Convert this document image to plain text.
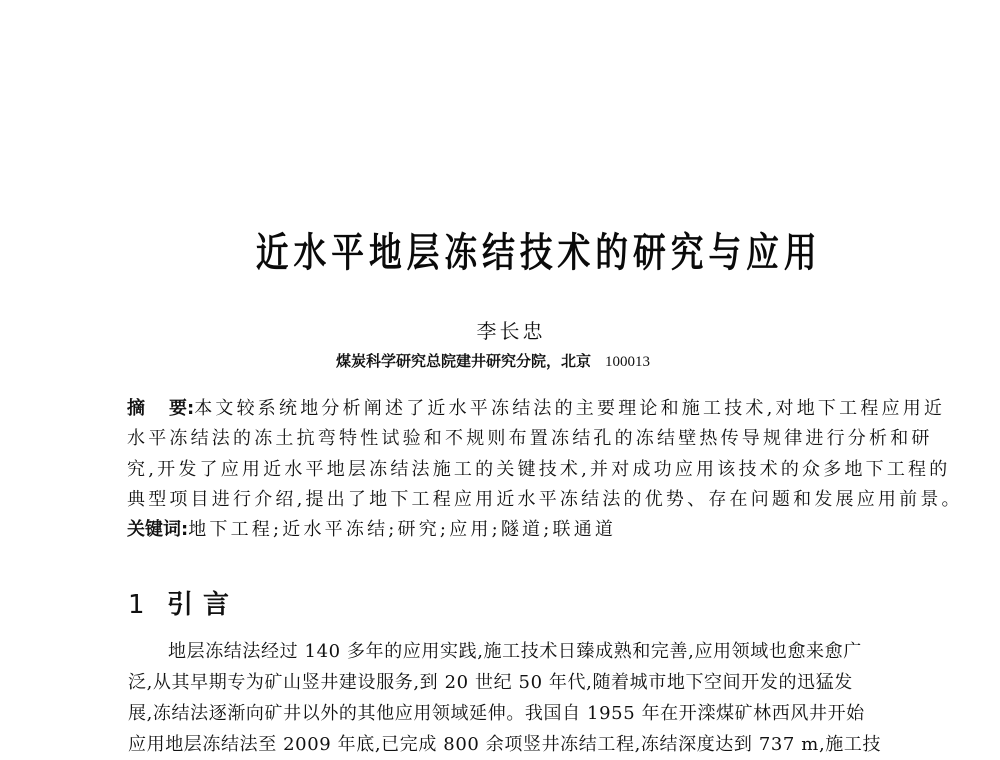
近水平地层冻结技术的研究与应用
李长忠
煤炭科学研究总院建井研究分院，北京 100013
摘 要:本文较系统地分析阐述了近水平冻结法的主要理论和施工技术,对地下工程应用近
水平冻结法的冻土抗弯特性试验和不规则布置冻结孔的冻结壁热传导规律进行分析和研
究,开发了应用近水平地层冻结法施工的关键技术,并对成功应用该技术的众多地下工程的
典型项目进行介绍,提出了地下工程应用近水平冻结法的优势、存在问题和发展应用前景。
关键词:地下工程;近水平冻结;研究;应用;隧道;联通道
1 引言
地层冻结法经过 140 多年的应用实践,施工技术日臻成熟和完善,应用领域也愈来愈广
泛,从其早期专为矿山竖井建设服务,到 20 世纪 50 年代,随着城市地下空间开发的迅猛发
展,冻结法逐渐向矿井以外的其他应用领域延伸。我国自 1955 年在开滦煤矿林西风井开始
应用地层冻结法至 2009 年底,已完成 800 余项竖井冻结工程,冻结深度达到 737 m,施工技
